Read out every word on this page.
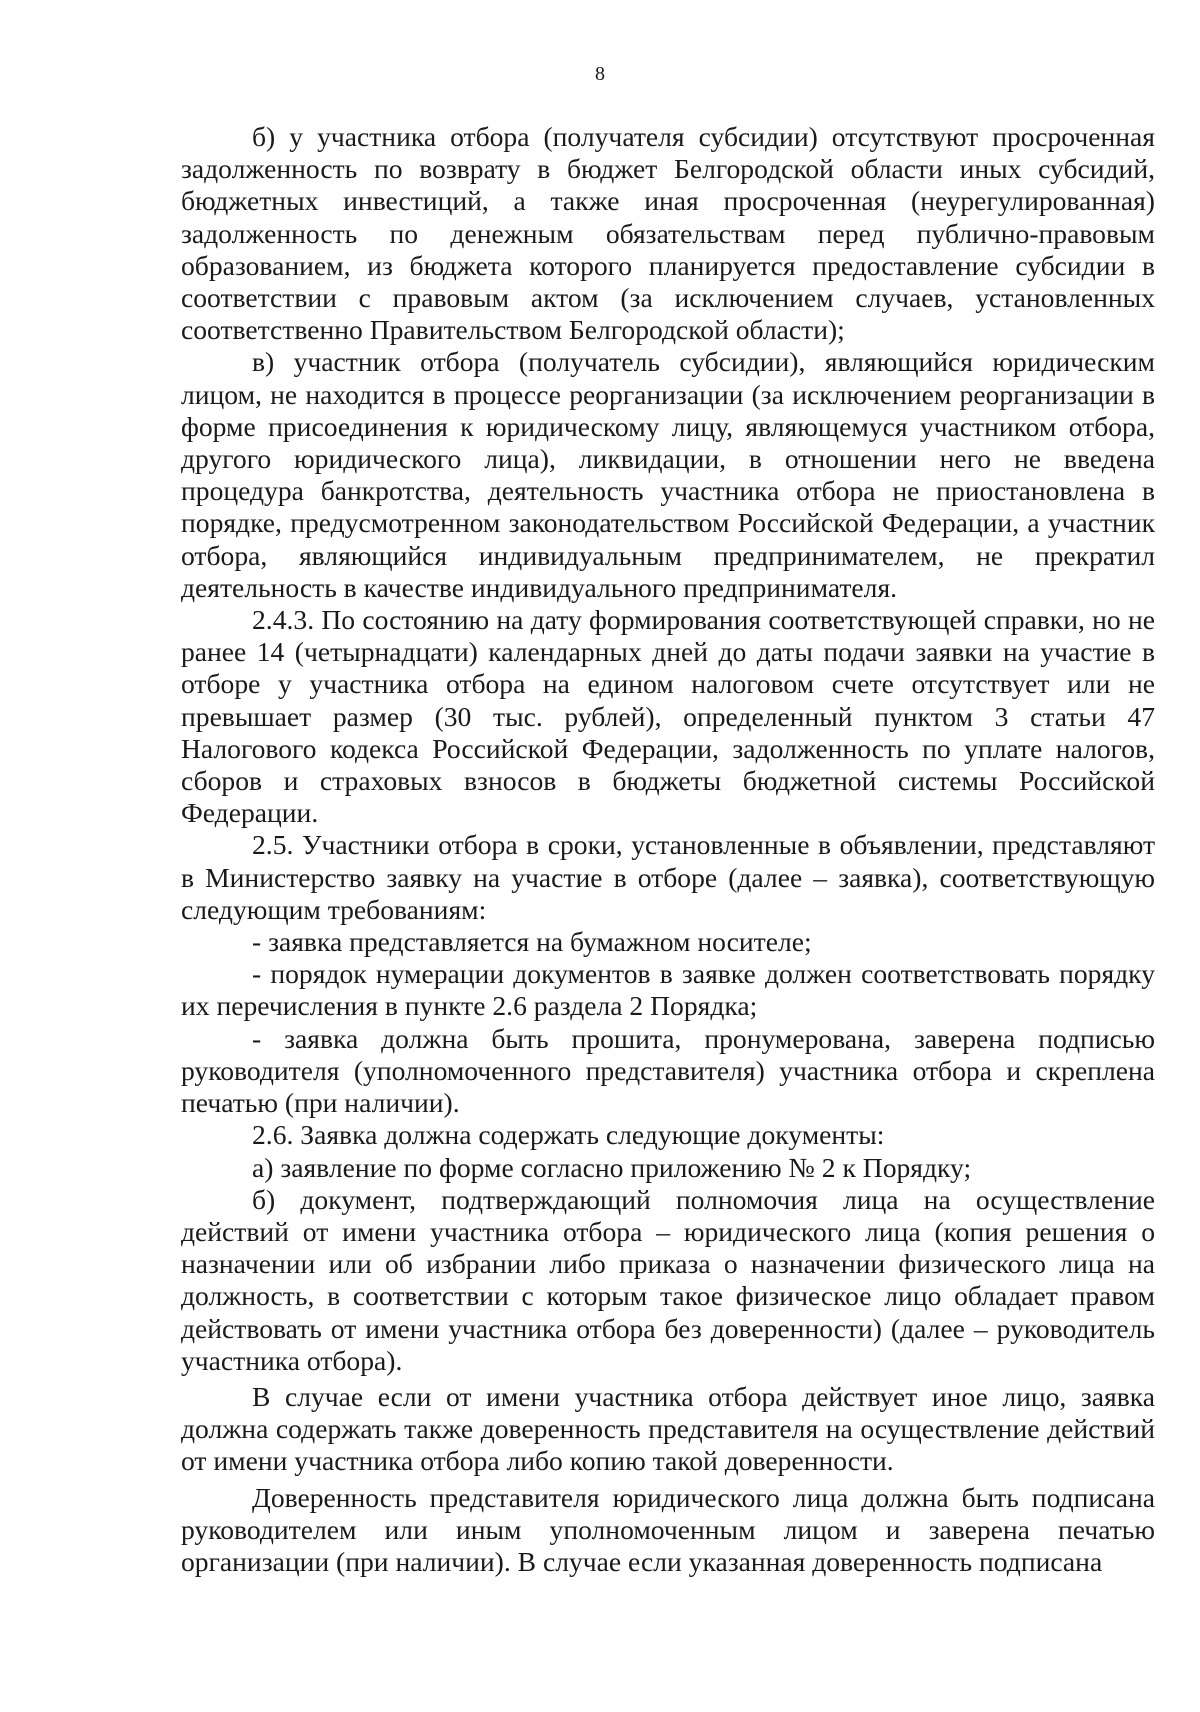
8

б) у участника отбора (получателя субсидии) отсутствуют просроченная задолженность по возврату в бюджет Белгородской области иных субсидий, бюджетных инвестиций, а также иная просроченная (неурегулированная) задолженность по денежным обязательствам перед публично-правовым образованием, из бюджета которого планируется предоставление субсидии в соответствии с правовым актом (за исключением случаев, установленных соответственно Правительством Белгородской области);

в) участник отбора (получатель субсидии), являющийся юридическим лицом, не находится в процессе реорганизации (за исключением реорганизации в форме присоединения к юридическому лицу, являющемуся участником отбора, другого юридического лица), ликвидации, в отношении него не введена процедура банкротства, деятельность участника отбора не приостановлена в порядке, предусмотренном законодательством Российской Федерации, а участник отбора, являющийся индивидуальным предпринимателем, не прекратил деятельность в качестве индивидуального предпринимателя.

2.4.3. По состоянию на дату формирования соответствующей справки, но не ранее 14 (четырнадцати) календарных дней до даты подачи заявки на участие в отборе у участника отбора на едином налоговом счете отсутствует или не превышает размер (30 тыс. рублей), определенный пунктом 3 статьи 47 Налогового кодекса Российской Федерации, задолженность по уплате налогов, сборов и страховых взносов в бюджеты бюджетной системы Российской Федерации.

2.5. Участники отбора в сроки, установленные в объявлении, представляют в Министерство заявку на участие в отборе (далее – заявка), соответствующую следующим требованиям:

- заявка представляется на бумажном носителе;

- порядок нумерации документов в заявке должен соответствовать порядку их перечисления в пункте 2.6 раздела 2 Порядка;

- заявка должна быть прошита, пронумерована, заверена подписью руководителя (уполномоченного представителя) участника отбора и скреплена печатью (при наличии).

2.6. Заявка должна содержать следующие документы:

а) заявление по форме согласно приложению № 2 к Порядку;

б) документ, подтверждающий полномочия лица на осуществление действий от имени участника отбора – юридического лица (копия решения о назначении или об избрании либо приказа о назначении физического лица на должность, в соответствии с которым такое физическое лицо обладает правом действовать от имени участника отбора без доверенности) (далее – руководитель участника отбора).

В случае если от имени участника отбора действует иное лицо, заявка должна содержать также доверенность представителя на осуществление действий от имени участника отбора либо копию такой доверенности.

Доверенность представителя юридического лица должна быть подписана руководителем или иным уполномоченным лицом и заверена печатью организации (при наличии). В случае если указанная доверенность подписана
